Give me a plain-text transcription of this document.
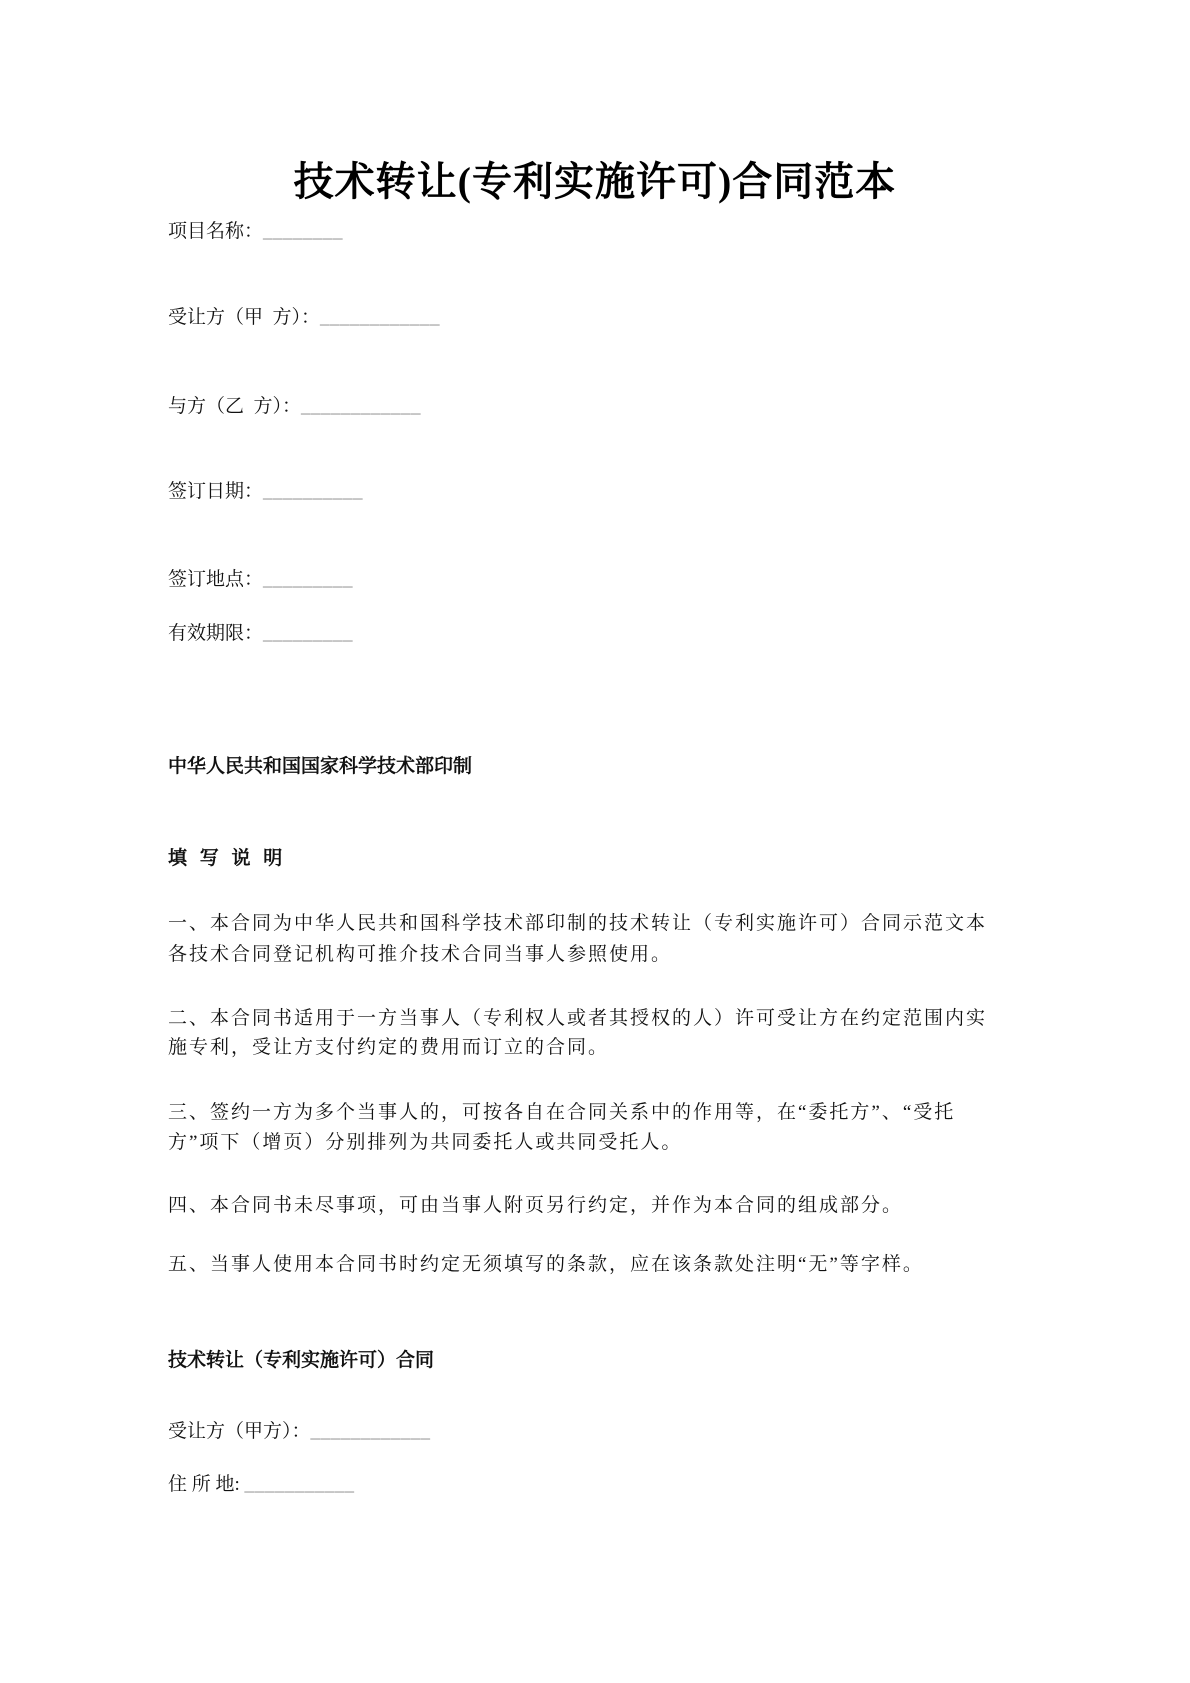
技术转让(专利实施许可)合同范本
项目名称：________
受让方（甲  方）：____________
与方（乙  方）：____________
签订日期：__________
签订地点：_________
有效期限：_________
中华人民共和国国家科学技术部印制
填 写 说 明
一、本合同为中华人民共和国科学技术部印制的技术转让（专利实施许可）合同示范文本
各技术合同登记机构可推介技术合同当事人参照使用。
二、本合同书适用于一方当事人（专利权人或者其授权的人）许可受让方在约定范围内实
施专利，受让方支付约定的费用而订立的合同。
三、签约一方为多个当事人的，可按各自在合同关系中的作用等，在“委托方”、“受托
方”项下（增页）分别排列为共同委托人或共同受托人。
四、本合同书未尽事项，可由当事人附页另行约定，并作为本合同的组成部分。
五、当事人使用本合同书时约定无须填写的条款，应在该条款处注明“无”等字样。
技术转让（专利实施许可）合同
受让方（甲方）：____________
住 所 地: ___________
